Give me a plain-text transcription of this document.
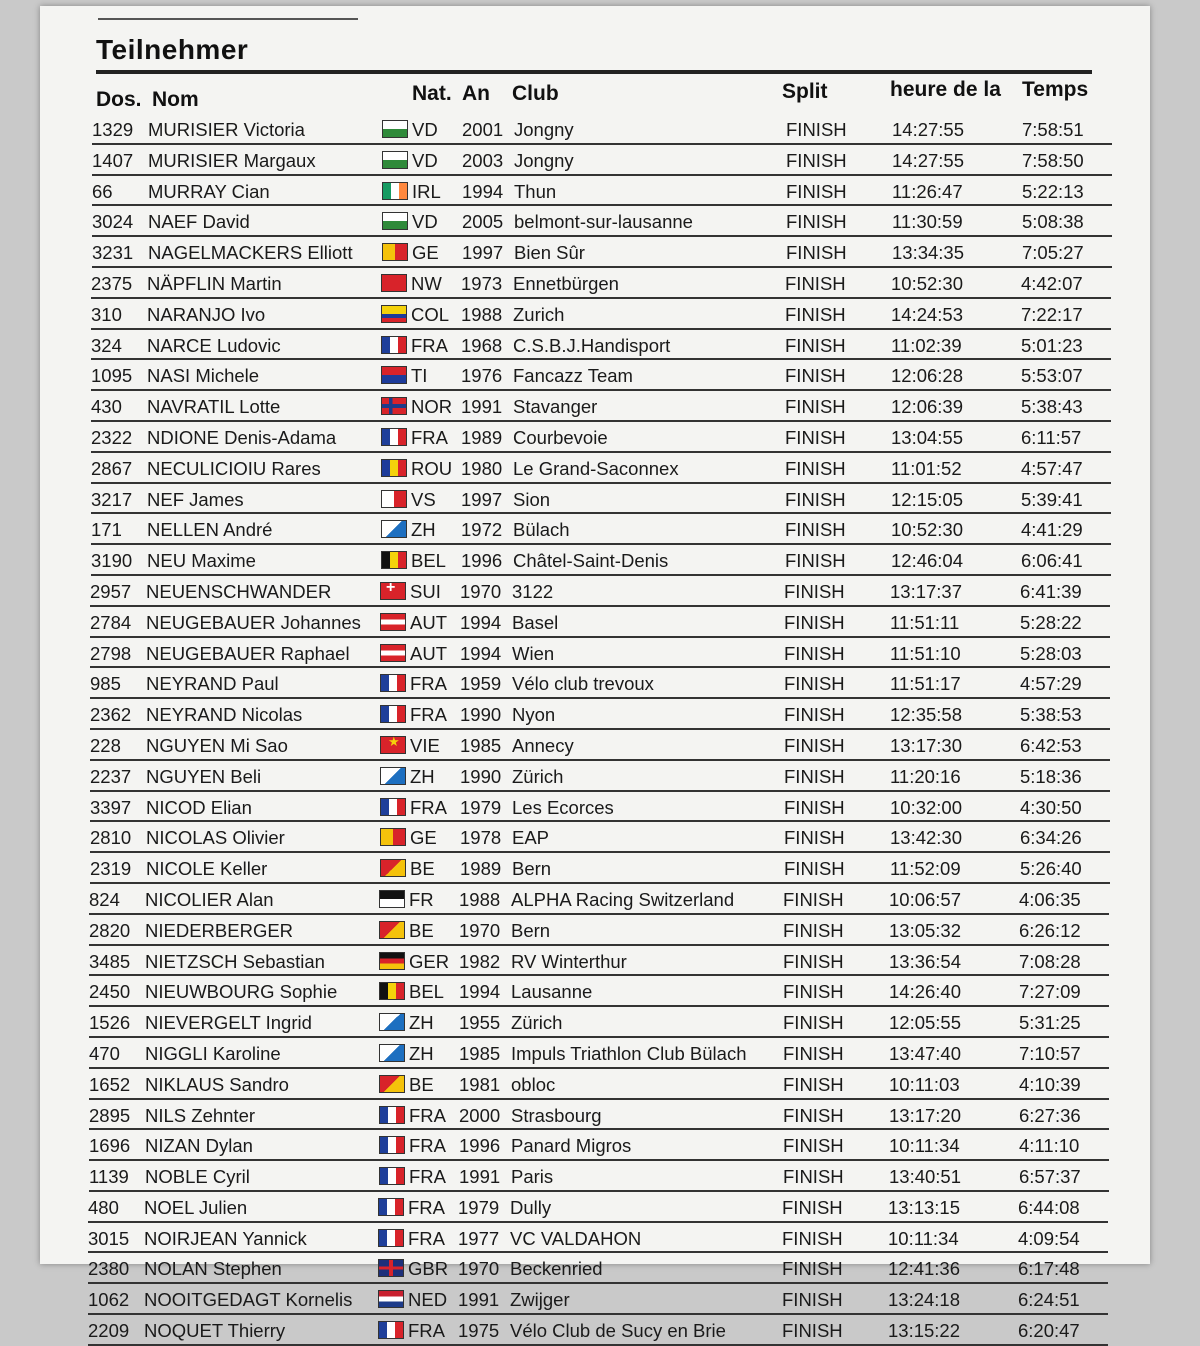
Teilnehmer
Dos. Nom	Nat. An Club	Split	heure de la Temps
1329 MURISIER Victoria	VD 2001 Jongny	FINISH 14:27:55	7:58:51
1407 MURISIER Margaux	VD 2003 Jongny	FINISH 14:27:55	7:58:50
66 MURRAY Cian	IRL 1994 Thun	FINISH 11:26:47	5:22:13
3024 NAEF David	VD 2005 belmont-sur-lausanne	FINISH 11:30:59	5:08:38
3231 NAGELMACKERS Elliott	GE 1997 Bien Sûr	FINISH 13:34:35	7:05:27
2375 NÄPFLIN Martin	NW 1973 Ennetbürgen	FINISH 10:52:30	4:42:07
310 NARANJO Ivo	COL 1988 Zurich	FINISH 14:24:53	7:22:17
324 NARCE Ludovic	FRA 1968 C.S.B.J.Handisport	FINISH 11:02:39	5:01:23
1095 NASI Michele	TI 1976 Fancazz Team	FINISH 12:06:28	5:53:07
430 NAVRATIL Lotte	NOR 1991 Stavanger	FINISH 12:06:39	5:38:43
2322 NDIONE Denis-Adama	FRA 1989 Courbevoie	FINISH 13:04:55	6:11:57
2867 NECULICIOIU Rares	ROU 1980 Le Grand-Saconnex	FINISH 11:01:52	4:57:47
3217 NEF James	VS 1997 Sion	FINISH 12:15:05	5:39:41
171 NELLEN André	ZH 1972 Bülach	FINISH 10:52:30	4:41:29
3190 NEU Maxime	BEL 1996 Châtel-Saint-Denis	FINISH 12:46:04	6:06:41
2957 NEUENSCHWANDER	SUI 1970 3122	FINISH 13:17:37	6:41:39
+
2784 NEUGEBAUER Johannes	AUT 1994 Basel	FINISH 11:51:11	5:28:22
2798 NEUGEBAUER Raphael	AUT 1994 Wien	FINISH 11:51:10	5:28:03
985 NEYRAND Paul	FRA 1959 Vélo club trevoux	FINISH 11:51:17	4:57:29
2362 NEYRAND Nicolas	FRA 1990 Nyon	FINISH 12:35:58	5:38:53
228 NGUYEN Mi Sao	VIE 1985 Annecy	FINISH 13:17:30	6:42:53
★
2237 NGUYEN Beli	ZH 1990 Zürich	FINISH 11:20:16	5:18:36
3397 NICOD Elian	FRA 1979 Les Ecorces	FINISH 10:32:00	4:30:50
2810 NICOLAS Olivier	GE 1978 EAP	FINISH 13:42:30	6:34:26
2319 NICOLE Keller	BE 1989 Bern	FINISH 11:52:09	5:26:40
824 NICOLIER Alan	FR 1988 ALPHA Racing Switzerland	FINISH 10:06:57	4:06:35
2820 NIEDERBERGER	BE 1970 Bern	FINISH 13:05:32	6:26:12
3485 NIETZSCH Sebastian	GER 1982 RV Winterthur	FINISH 13:36:54	7:08:28
2450 NIEUWBOURG Sophie	BEL 1994 Lausanne	FINISH 14:26:40	7:27:09
1526 NIEVERGELT Ingrid	ZH 1955 Zürich	FINISH 12:05:55	5:31:25
470 NIGGLI Karoline	ZH 1985 Impuls Triathlon Club Bülach FINISH 13:47:40	7:10:57
1652 NIKLAUS Sandro	BE 1981 obloc	FINISH 10:11:03	4:10:39
2895 NILS Zehnter	FRA 2000 Strasbourg	FINISH 13:17:20	6:27:36
1696 NIZAN Dylan	FRA 1996 Panard Migros	FINISH 10:11:34	4:11:10
1139 NOBLE Cyril	FRA 1991 Paris	FINISH 13:40:51	6:57:37
480 NOEL Julien	FRA 1979 Dully	FINISH 13:13:15	6:44:08
3015 NOIRJEAN Yannick	FRA 1977 VC VALDAHON	FINISH 10:11:34	4:09:54
2380 NOLAN Stephen	GBR 1970 Beckenried	FINISH 12:41:36	6:17:48
1062 NOOITGEDAGT Kornelis	NED 1991 Zwijger	FINISH 13:24:18	6:24:51
2209 NOQUET Thierry	FRA 1975 Vélo Club de Sucy en Brie	FINISH 13:15:22	6:20:47
